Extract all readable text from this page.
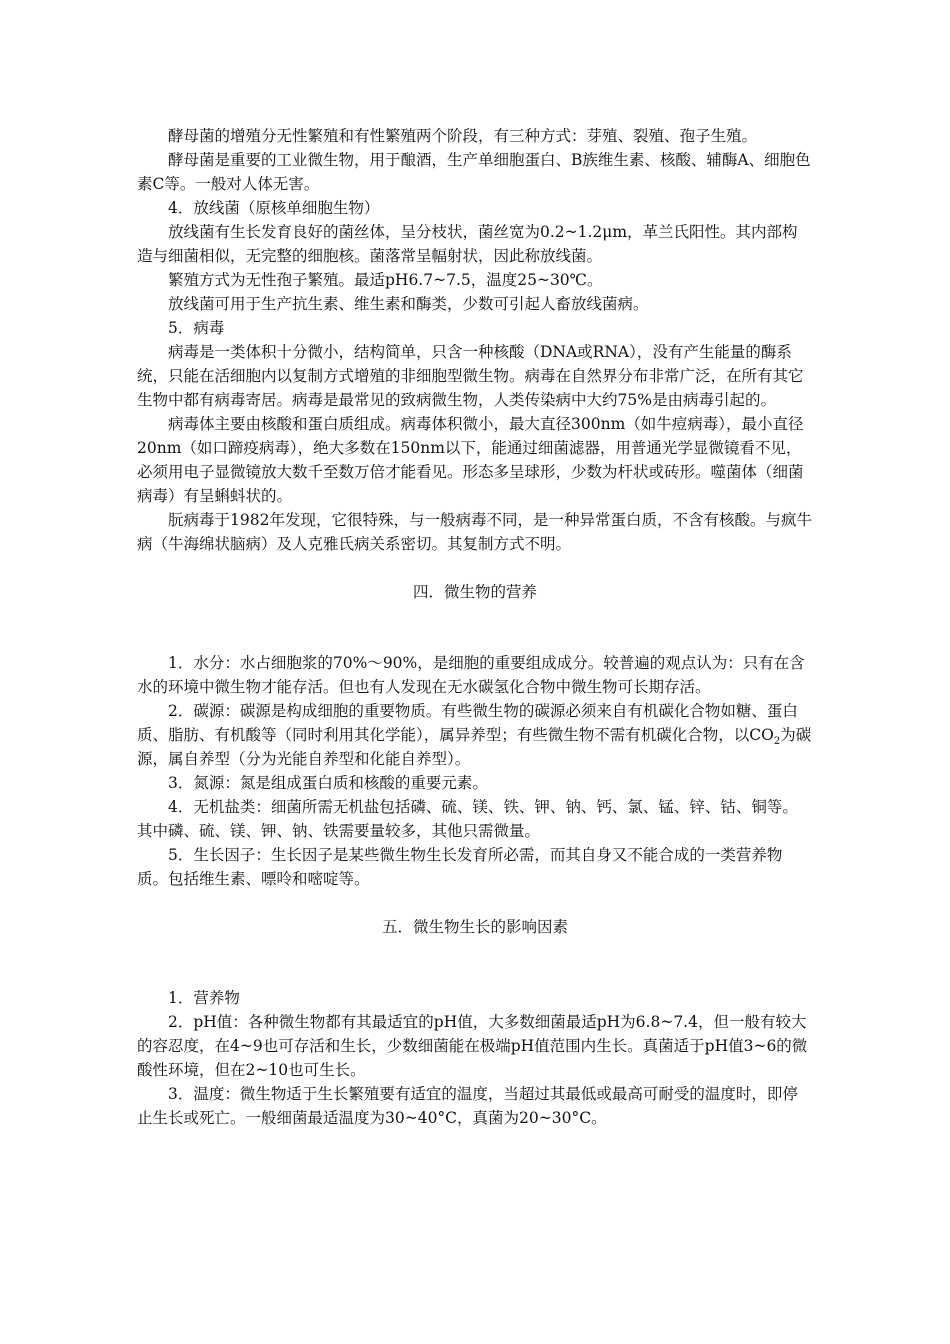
酵母菌的增殖分无性繁殖和有性繁殖两个阶段，有三种方式：芽殖、裂殖、孢子生殖。

酵母菌是重要的工业微生物，用于酿酒，生产单细胞蛋白、B族维生素、核酸、辅酶A、细胞色素C等。一般对人体无害。

4．放线菌（原核单细胞生物）

放线菌有生长发育良好的菌丝体，呈分枝状，菌丝宽为0.2~1.2μm，革兰氏阳性。其内部构造与细菌相似，无完整的细胞核。菌落常呈幅射状，因此称放线菌。

繁殖方式为无性孢子繁殖。最适pH6.7~7.5，温度25~30℃。

放线菌可用于生产抗生素、维生素和酶类，少数可引起人畜放线菌病。

5．病毒

病毒是一类体积十分微小，结构简单，只含一种核酸（DNA或RNA），没有产生能量的酶系统，只能在活细胞内以复制方式增殖的非细胞型微生物。病毒在自然界分布非常广泛，在所有其它生物中都有病毒寄居。病毒是最常见的致病微生物，人类传染病中大约75%是由病毒引起的。

病毒体主要由核酸和蛋白质组成。病毒体积微小，最大直径300nm（如牛痘病毒），最小直径20nm（如口蹄疫病毒），绝大多数在150nm以下，能通过细菌滤器，用普通光学显微镜看不见，必须用电子显微镜放大数千至数万倍才能看见。形态多呈球形，少数为杆状或砖形。噬菌体（细菌病毒）有呈蝌蚪状的。

朊病毒于1982年发现，它很特殊，与一般病毒不同，是一种异常蛋白质，不含有核酸。与疯牛病（牛海绵状脑病）及人克雅氏病关系密切。其复制方式不明。

四．微生物的营养

1．水分：水占细胞浆的70%～90%，是细胞的重要组成成分。较普遍的观点认为：只有在含水的环境中微生物才能存活。但也有人发现在无水碳氢化合物中微生物可长期存活。

2．碳源：碳源是构成细胞的重要物质。有些微生物的碳源必须来自有机碳化合物如糖、蛋白质、脂肪、有机酸等（同时利用其化学能），属异养型；有些微生物不需有机碳化合物，以$CO_2$为碳源，属自养型（分为光能自养型和化能自养型）。

3．氮源：氮是组成蛋白质和核酸的重要元素。

4．无机盐类：细菌所需无机盐包括磷、硫、镁、铁、钾、钠、钙、氯、锰、锌、钴、铜等。其中磷、硫、镁、钾、钠、铁需要量较多，其他只需微量。

5．生长因子：生长因子是某些微生物生长发育所必需，而其自身又不能合成的一类营养物质。包括维生素、嘌呤和嘧啶等。

五．微生物生长的影响因素

1．营养物

2．pH值：各种微生物都有其最适宜的pH值，大多数细菌最适pH为6.8~7.4，但一般有较大的容忍度，在4~9也可存活和生长，少数细菌能在极端pH值范围内生长。真菌适于pH值3~6的微酸性环境，但在2~10也可生长。

3．温度：微生物适于生长繁殖要有适宜的温度，当超过其最低或最高可耐受的温度时，即停止生长或死亡。一般细菌最适温度为30~40°C，真菌为20~30°C。
